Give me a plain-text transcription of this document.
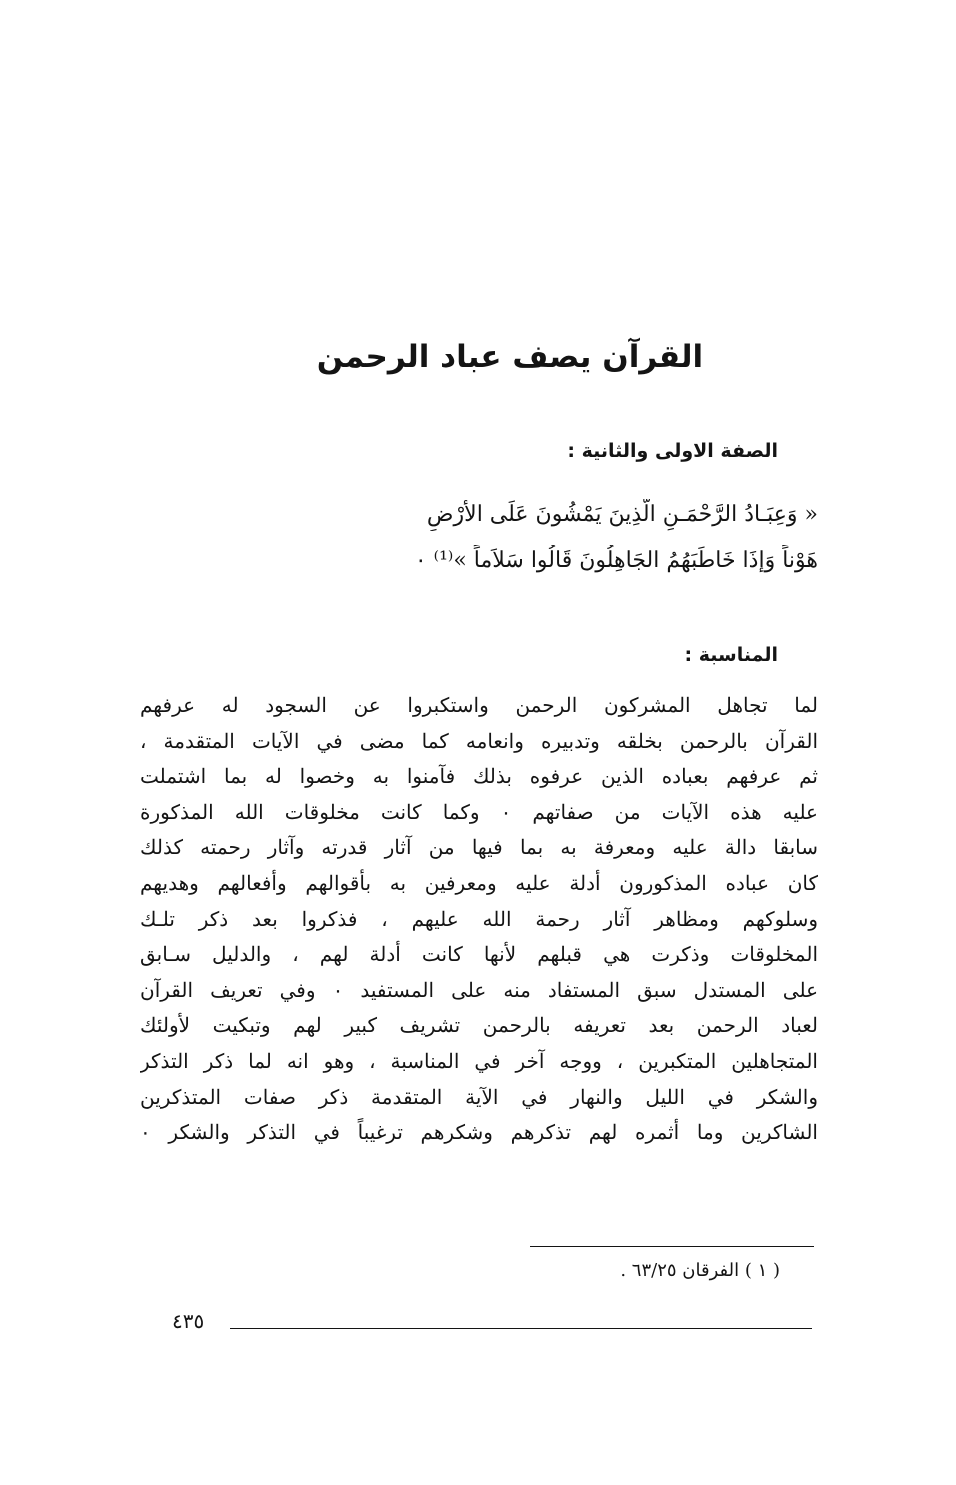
القرآن يصف عباد الرحمن
الصفة الاولى والثانية :
« وَعِبَـادُ الرَّحْمَـنِ الَّذِينَ يَمْشُونَ عَلَى الأَرْضِ
هَوْناً وَإذَا خَاطَبَهُمُ الجَاهِلُونَ قَالُوا سَلاَماً »⁽¹⁾ ٠
المناسبة :
لما تجاهل المشركون الرحمن واستكبروا عن السجود له عرفهم
القرآن بالرحمن بخلقه وتدبيره وانعامه كما مضى في الآيات المتقدمة ،
ثم عرفهم بعباده الذين عرفوه بذلك فآمنوا به وخصوا له بما اشتملت
عليه هذه الآيات من صفاتهم ٠ وكما كانت مخلوقات الله المذكورة
سابقا دالة عليه ومعرفة به بما فيها من آثار قدرته وآثار رحمته كذلك
كان عباده المذكورون أدلة عليه ومعرفين به بأقوالهم وأفعالهم وهديهم
وسلوكهم ومظاهر آثار رحمة الله عليهم ، فذكروا بعد ذكر تلـك
المخلوقات وذكرت هي قبلهم لأنها كانت أدلة لهم ، والدليل سـابق
على المستدل سبق المستفاد منه على المستفيد ٠ وفي تعريف القرآن
لعباد الرحمن بعد تعريفه بالرحمن تشريف كبير لهم وتبكيت لأولئك
المتجاهلين المتكبرين ، ووجه آخر في المناسبة ، وهو انه لما ذكر التذكر
والشكر في الليل والنهار في الآية المتقدمة ذكر صفات المتذكرين
الشاكرين وما أثمره لهم تذكرهم وشكرهم ترغيباً في التذكر والشكر ٠
( ١ ) الفرقان ٦٣/٢٥ .
٤٣٥
